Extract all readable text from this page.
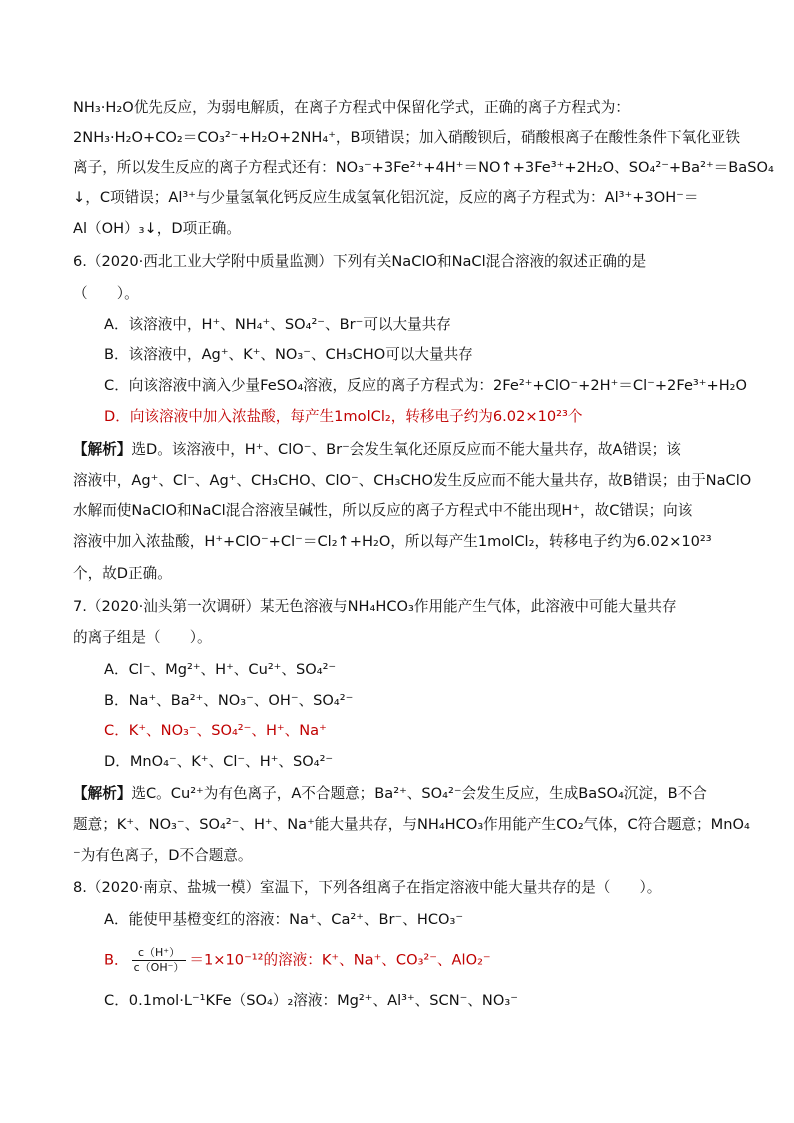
NH₃·H₂O优先反应，为弱电解质，在离子方程式中保留化学式，正确的离子方程式为：
2NH₃·H₂O+CO₂＝CO₃²⁻+H₂O+2NH₄⁺，B项错误；加入硝酸钡后，硝酸根离子在酸性条件下氧化亚铁
离子，所以发生反应的离子方程式还有：NO₃⁻+3Fe²⁺+4H⁺＝NO↑+3Fe³⁺+2H₂O、SO₄²⁻+Ba²⁺＝BaSO₄
↓，C项错误；Al³⁺与少量氢氧化钙反应生成氢氧化铝沉淀，反应的离子方程式为：Al³⁺+3OH⁻＝
Al（OH）₃↓，D项正确。
6.（2020·西北工业大学附中质量监测）下列有关NaClO和NaCl混合溶液的叙述正确的是
（　　）。
A．该溶液中，H⁺、NH₄⁺、SO₄²⁻、Br⁻可以大量共存
B．该溶液中，Ag⁺、K⁺、NO₃⁻、CH₃CHO可以大量共存
C．向该溶液中滴入少量FeSO₄溶液，反应的离子方程式为：2Fe²⁺+ClO⁻+2H⁺＝Cl⁻+2Fe³⁺+H₂O
D．向该溶液中加入浓盐酸，每产生1molCl₂，转移电子约为6.02×10²³个
【解析】选D。该溶液中，H⁺、ClO⁻、Br⁻会发生氧化还原反应而不能大量共存，故A错误；该
溶液中，Ag⁺、Cl⁻、Ag⁺、CH₃CHO、ClO⁻、CH₃CHO发生反应而不能大量共存，故B错误；由于NaClO
水解而使NaClO和NaCl混合溶液呈碱性，所以反应的离子方程式中不能出现H⁺，故C错误；向该
溶液中加入浓盐酸，H⁺+ClO⁻+Cl⁻＝Cl₂↑+H₂O，所以每产生1molCl₂，转移电子约为6.02×10²³
个，故D正确。
7.（2020·汕头第一次调研）某无色溶液与NH₄HCO₃作用能产生气体，此溶液中可能大量共存
的离子组是（　　）。
A．Cl⁻、Mg²⁺、H⁺、Cu²⁺、SO₄²⁻
B．Na⁺、Ba²⁺、NO₃⁻、OH⁻、SO₄²⁻
C．K⁺、NO₃⁻、SO₄²⁻、H⁺、Na⁺
D．MnO₄⁻、K⁺、Cl⁻、H⁺、SO₄²⁻
【解析】选C。Cu²⁺为有色离子，A不合题意；Ba²⁺、SO₄²⁻会发生反应，生成BaSO₄沉淀，B不合
题意；K⁺、NO₃⁻、SO₄²⁻、H⁺、Na⁺能大量共存，与NH₄HCO₃作用能产生CO₂气体，C符合题意；MnO₄
⁻为有色离子，D不合题意。
8.（2020·南京、盐城一模）室温下，下列各组离子在指定溶液中能大量共存的是（　　）。
A．能使甲基橙变红的溶液：Na⁺、Ca²⁺、Br⁻、HCO₃⁻
B． $\frac{c(H^+)}{c(OH^-)} =1\times 10^{-12}$的溶液：K⁺、Na⁺、CO₃²⁻、AlO₂⁻
C．0.1mol·L⁻¹KFe（SO₄）₂溶液：Mg²⁺、Al³⁺、SCN⁻、NO₃⁻
